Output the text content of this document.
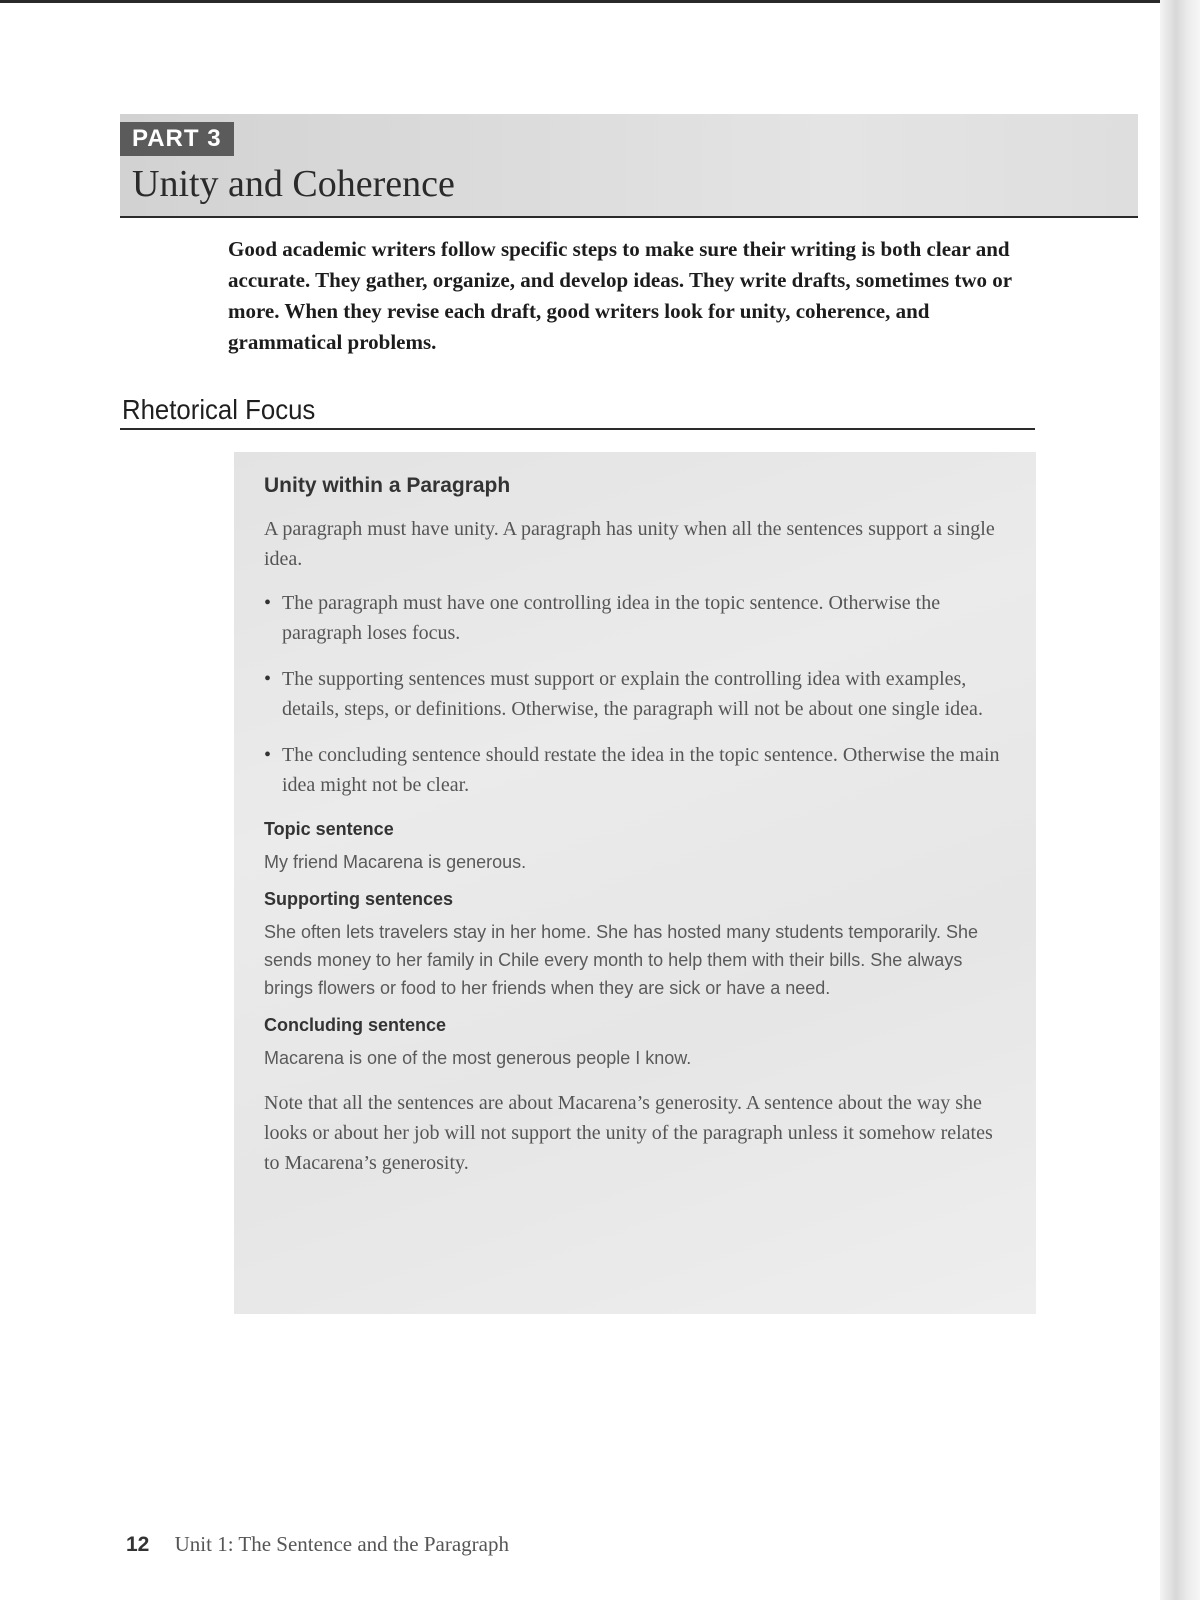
PART 3
Unity and Coherence

Good academic writers follow specific steps to make sure their writing is both clear and accurate. They gather, organize, and develop ideas. They write drafts, sometimes two or more. When they revise each draft, good writers look for unity, coherence, and grammatical problems.

Rhetorical Focus
Unity within a Paragraph

A paragraph must have unity. A paragraph has unity when all the sentences support a single idea.

• The paragraph must have one controlling idea in the topic sentence. Otherwise the paragraph loses focus.
• The supporting sentences must support or explain the controlling idea with examples, details, steps, or definitions. Otherwise, the paragraph will not be about one single idea.
• The concluding sentence should restate the idea in the topic sentence. Otherwise the main idea might not be clear.
Topic sentence

My friend Macarena is generous.

Supporting sentences

She often lets travelers stay in her home. She has hosted many students temporarily. She sends money to her family in Chile every month to help them with their bills. She always brings flowers or food to her friends when they are sick or have a need.

Concluding sentence

Macarena is one of the most generous people I know.

Note that all the sentences are about Macarena’s generosity. A sentence about the way she looks or about her job will not support the unity of the paragraph unless it somehow relates to Macarena’s generosity.

12 Unit 1: The Sentence and the Paragraph
